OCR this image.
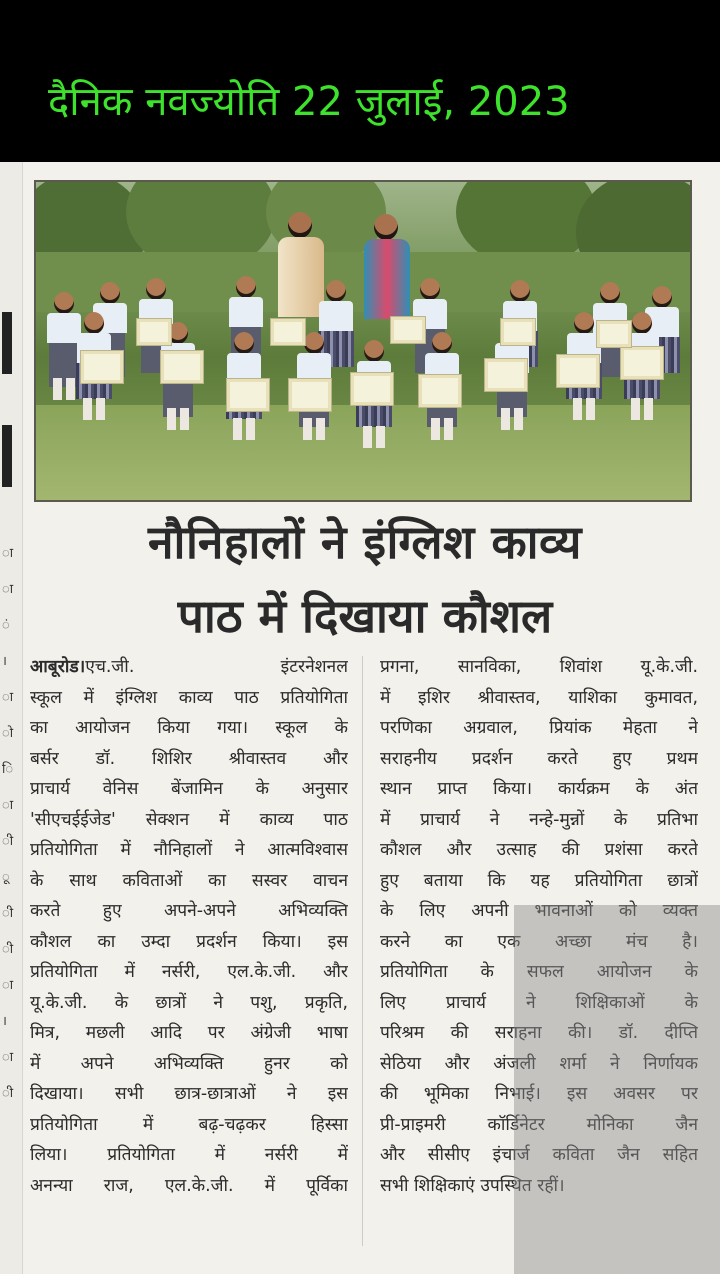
दैनिक नवज्योति 22 जुलाई, 2023
ा
ा
ं
।
ा
ो
ि
ा
ी
ू
ी
ी
ा
।
ा
ी
नौनिहालों ने इंग्लिश काव्य
पाठ में दिखाया कौशल
आबूरोड।एच.जी. इंटरनेशनल
स्कूल में इंग्लिश काव्य पाठ प्रतियोगिता
का आयोजन किया गया। स्कूल के
बर्सर डॉ. शिशिर श्रीवास्तव और
प्राचार्य वेनिस बेंजामिन के अनुसार
'सीएचईईजेड' सेक्शन में काव्य पाठ
प्रतियोगिता में नौनिहालों ने आत्मविश्वास
के साथ कविताओं का सस्वर वाचन
करते हुए अपने-अपने अभिव्यक्ति
कौशल का उम्दा प्रदर्शन किया। इस
प्रतियोगिता में नर्सरी, एल.के.जी. और
यू.के.जी. के छात्रों ने पशु, प्रकृति,
मित्र, मछली आदि पर अंग्रेजी भाषा
में अपने अभिव्यक्ति हुनर को
दिखाया। सभी छात्र-छात्राओं ने इस
प्रतियोगिता में बढ़-चढ़कर हिस्सा
लिया। प्रतियोगिता में नर्सरी में
अनन्या राज, एल.के.जी. में पूर्विका
प्रगना, सानविका, शिवांश यू.के.जी.
में इशिर श्रीवास्तव, याशिका कुमावत,
परणिका अग्रवाल, प्रियांक मेहता ने
सराहनीय प्रदर्शन करते हुए प्रथम
स्थान प्राप्त किया। कार्यक्रम के अंत
में प्राचार्य ने नन्हे-मुन्नों के प्रतिभा
कौशल और उत्साह की प्रशंसा करते
हुए बताया कि यह प्रतियोगिता छात्रों
के लिए अपनी भावनाओं को व्यक्त
करने का एक अच्छा मंच है।
प्रतियोगिता के सफल आयोजन के
लिए प्राचार्य ने शिक्षिकाओं के
परिश्रम की सराहना की। डॉ. दीप्ति
सेठिया और अंजली शर्मा ने निर्णायक
की भूमिका निभाई। इस अवसर पर
प्री-प्राइमरी कॉर्डिनेटर मोनिका जैन
और सीसीए इंचार्ज कविता जैन सहित
सभी शिक्षिकाएं उपस्थित रहीं।
